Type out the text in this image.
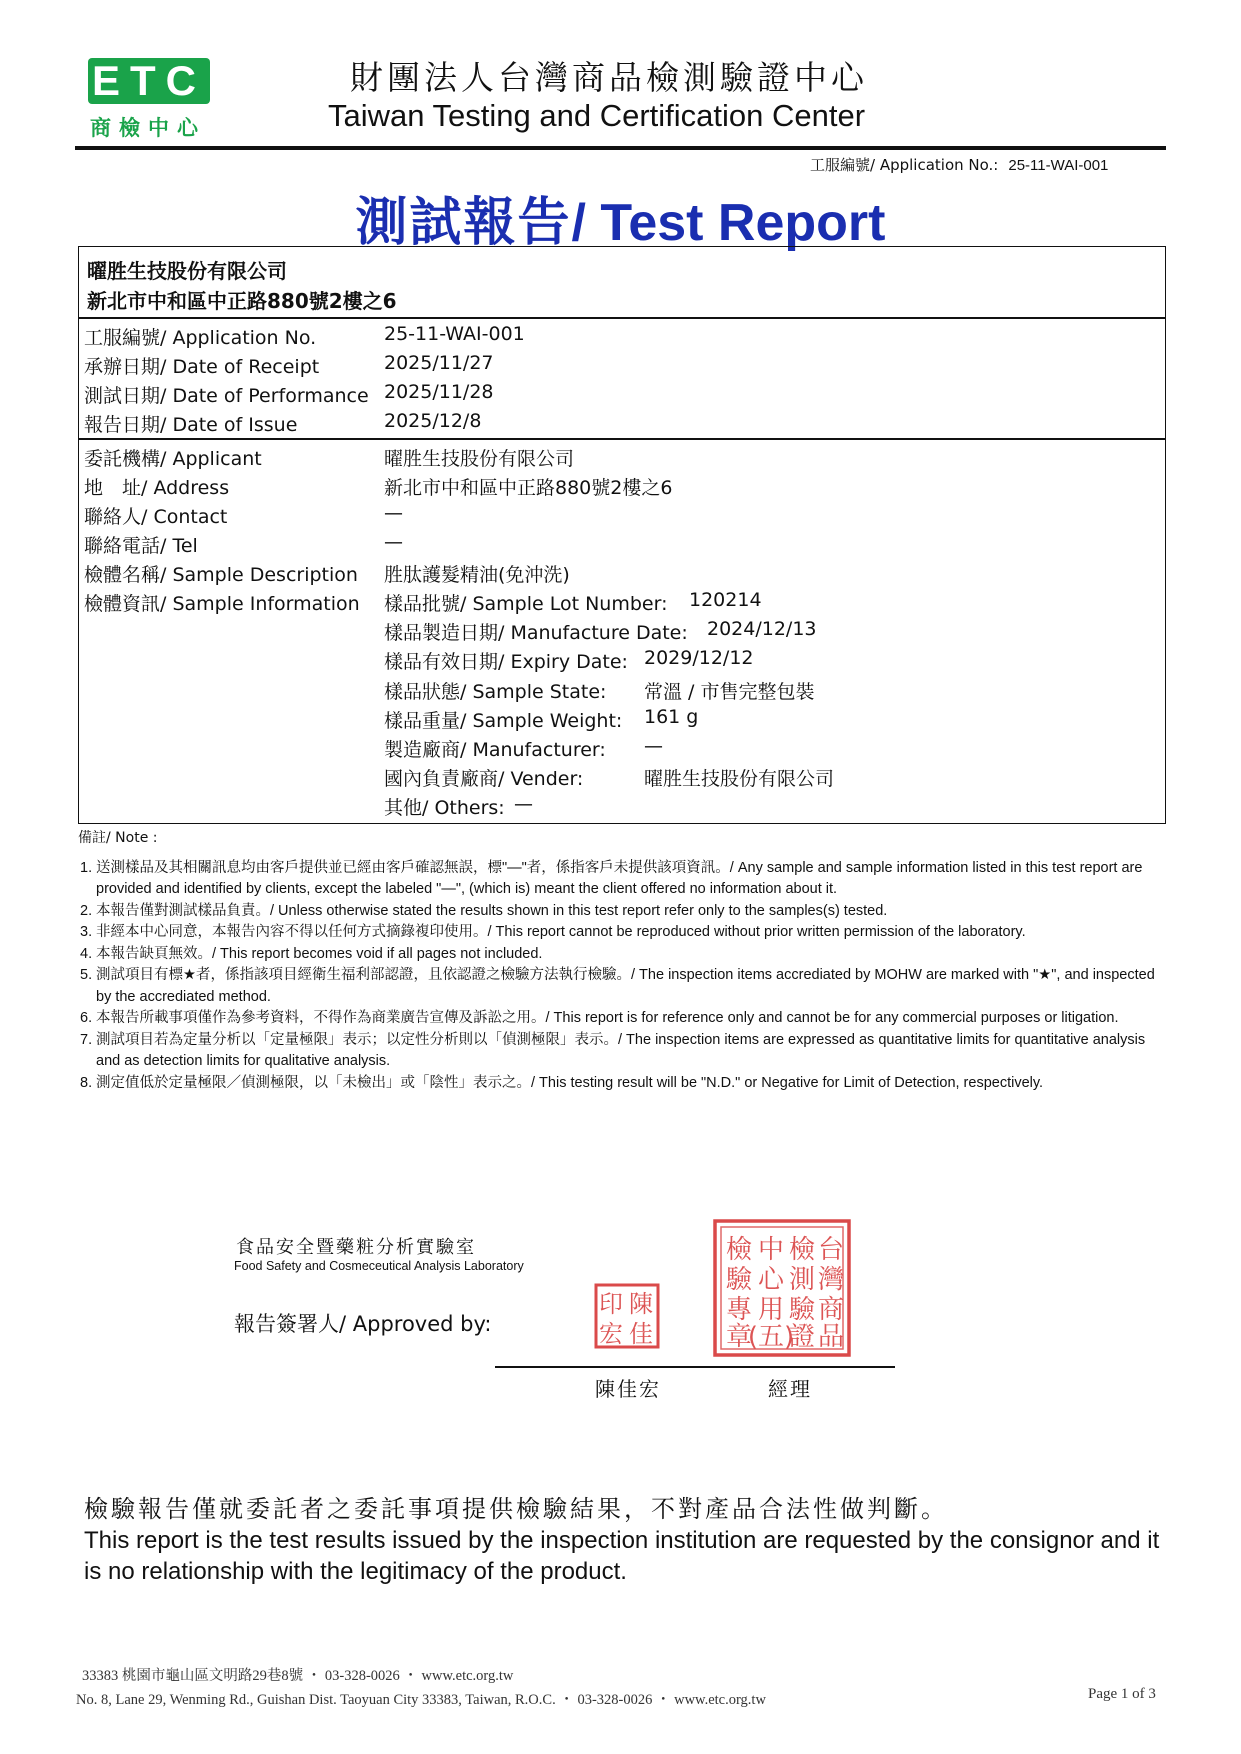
ETC
商檢中心
財團法人台灣商品檢測驗證中心
Taiwan Testing and Certification Center
工服編號/ Application No.: 25-11-WAI-001
測試報告/ Test Report
曜胜生技股份有限公司
新北市中和區中正路880號2樓之6
工服編號/ Application No.	25-11-WAI-001
承辦日期/ Date of Receipt	2025/11/27
測試日期/ Date of Performance 2025/11/28
報告日期/ Date of Issue	2025/12/8
委託機構/ Applicant	曜胜生技股份有限公司
地　址/ Address	新北市中和區中正路880號2樓之6
聯絡人/ Contact	—
聯絡電話/ Tel	—
檢體名稱/ Sample Description 胜肽護髮精油(免沖洗)
檢體資訊/ Sample Information 樣品批號/ Sample Lot Number: 120214
樣品製造日期/ Manufacture Date: 2024/12/13
樣品有效日期/ Expiry Date: 2029/12/12
樣品狀態/ Sample State: 常溫 / 市售完整包裝
樣品重量/ Sample Weight: 161 g
製造廠商/ Manufacturer: —
國內負責廠商/ Vender:	曜胜生技股份有限公司
其他/ Others: —
備註/ Note :
1. 送測樣品及其相關訊息均由客戶提供並已經由客戶確認無誤，標"—"者，係指客戶未提供該項資訊。/ Any sample and sample information listed in this test report are provided and identified by clients, except the labeled "—", (which is) meant the client offered no information about it.
2. 本報告僅對測試樣品負責。/ Unless otherwise stated the results shown in this test report refer only to the samples(s) tested.
3. 非經本中心同意，本報告內容不得以任何方式摘錄複印使用。/ This report cannot be reproduced without prior written permission of the laboratory.
4. 本報告缺頁無效。/ This report becomes void if all pages not included.
5. 測試項目有標★者，係指該項目經衛生福利部認證，且依認證之檢驗方法執行檢驗。/ The inspection items accrediated by MOHW are marked with "★", and inspected by the accrediated method.
6. 本報告所載事項僅作為參考資料，不得作為商業廣告宣傳及訴訟之用。/ This report is for reference only and cannot be for any commercial purposes or litigation.
7. 測試項目若為定量分析以「定量極限」表示；以定性分析則以「偵測極限」表示。/ The inspection items are expressed as quantitative limits for quantitative analysis and as detection limits for qualitative analysis.
8. 測定值低於定量極限／偵測極限，以「未檢出」或「陰性」表示之。/ This testing result will be "N.D." or Negative for Limit of Detection, respectively.
食品安全暨藥粧分析實驗室
Food Safety and Cosmeceutical Analysis Laboratory
報告簽署人/ Approved by:
印 陳
宏 佳
檢
驗
專
章
中
心
用
(五)
檢
測
驗
證
台
灣
商
品
陳佳宏	經理
檢驗報告僅就委託者之委託事項提供檢驗結果，不對產品合法性做判斷。
This report is the test results issued by the inspection institution are requested by the consignor and it is no relationship with the legitimacy of the product.
33383 桃園市龜山區文明路29巷8號 ・ 03-328-0026 ・ www.etc.org.tw
No. 8, Lane 29, Wenming Rd., Guishan Dist. Taoyuan City 33383, Taiwan, R.O.C. ・ 03-328-0026 ・ www.etc.org.tw	Page 1 of 3
